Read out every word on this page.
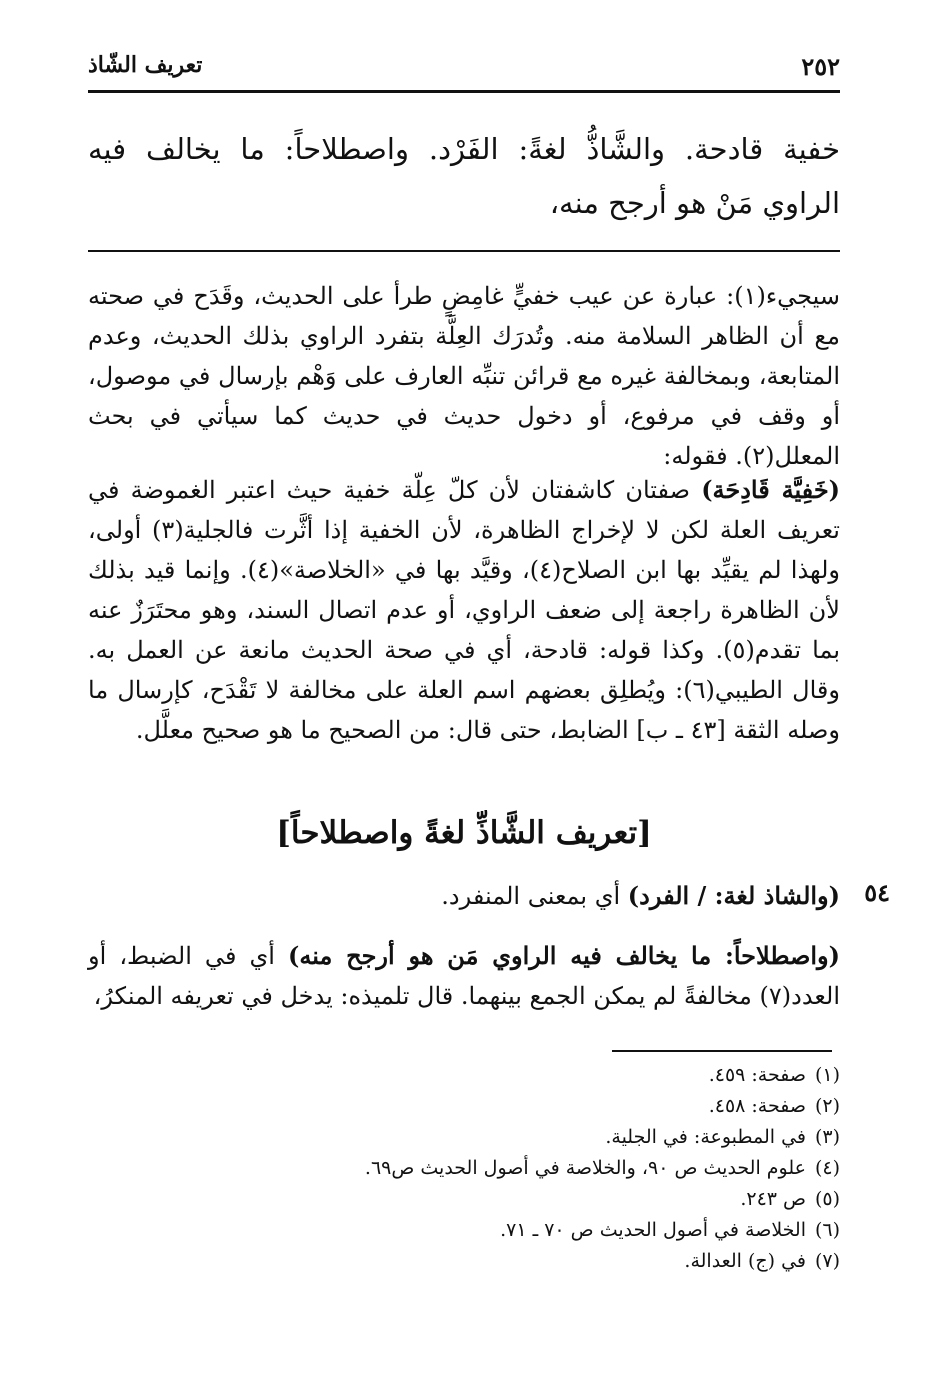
٢٥٢
تعريف الشّاذ

خفية قادحة. والشَّاذُّ لغةً: الفَرْد. واصطلاحاً: ما يخالف فيه الراوي مَنْ هو أرجح منه،

سيجيء(١): عبارة عن عيب خفيٍّ غامِضٍ طرأ على الحديث، وقَدَح في صحته مع أن الظاهر السلامة منه. وتُدرَك العِلَّة بتفرد الراوي بذلك الحديث، وعدم المتابعة، وبمخالفة غيره مع قرائن تنبِّه العارف على وَهْم بإرسال في موصول، أو وقف في مرفوع، أو دخول حديث في حديث كما سيأتي في بحث المعلل(٢). فقوله:

(خَفِيَّة قَادِحَة) صفتان كاشفتان لأن كلّ عِلّة خفية حيث اعتبر الغموضة في تعريف العلة لكن لا لإخراج الظاهرة، لأن الخفية إذا أثَّرت فالجلية(٣) أولى، ولهذا لم يقيِّد بها ابن الصلاح(٤)، وقيَّد بها في «الخلاصة»(٤). وإنما قيد بذلك لأن الظاهرة راجعة إلى ضعف الراوي، أو عدم اتصال السند، وهو محتَرَزٌ عنه بما تقدم(٥). وكذا قوله: قادحة، أي في صحة الحديث مانعة عن العمل به. وقال الطيبي(٦): ويُطلِق بعضهم اسم العلة على مخالفة لا تَقْدَح، كإرسال ما وصله الثقة [٤٣ ـ ب] الضابط، حتى قال: من الصحيح ما هو صحيح معلَّل.

[تعريف الشَّاذِّ لغةً واصطلاحاً]
٥٤

(والشاذ لغة: / الفرد) أي بمعنى المنفرد.

(واصطلاحاً: ما يخالف فيه الراوي مَن هو أرجح منه) أي في الضبط، أو العدد(٧) مخالفةً لم يمكن الجمع بينهما. قال تلميذه: يدخل في تعريفه المنكرُ،

(١)
صفحة: ٤٥٩.
(٢)
صفحة: ٤٥٨.
(٣)
في المطبوعة: في الجلية.
(٤)
علوم الحديث ص ٩٠، والخلاصة في أصول الحديث ص٦٩.
(٥)
ص ٢٤٣.
(٦)
الخلاصة في أصول الحديث ص ٧٠ ـ ٧١.
(٧)
في (ج) العدالة.
